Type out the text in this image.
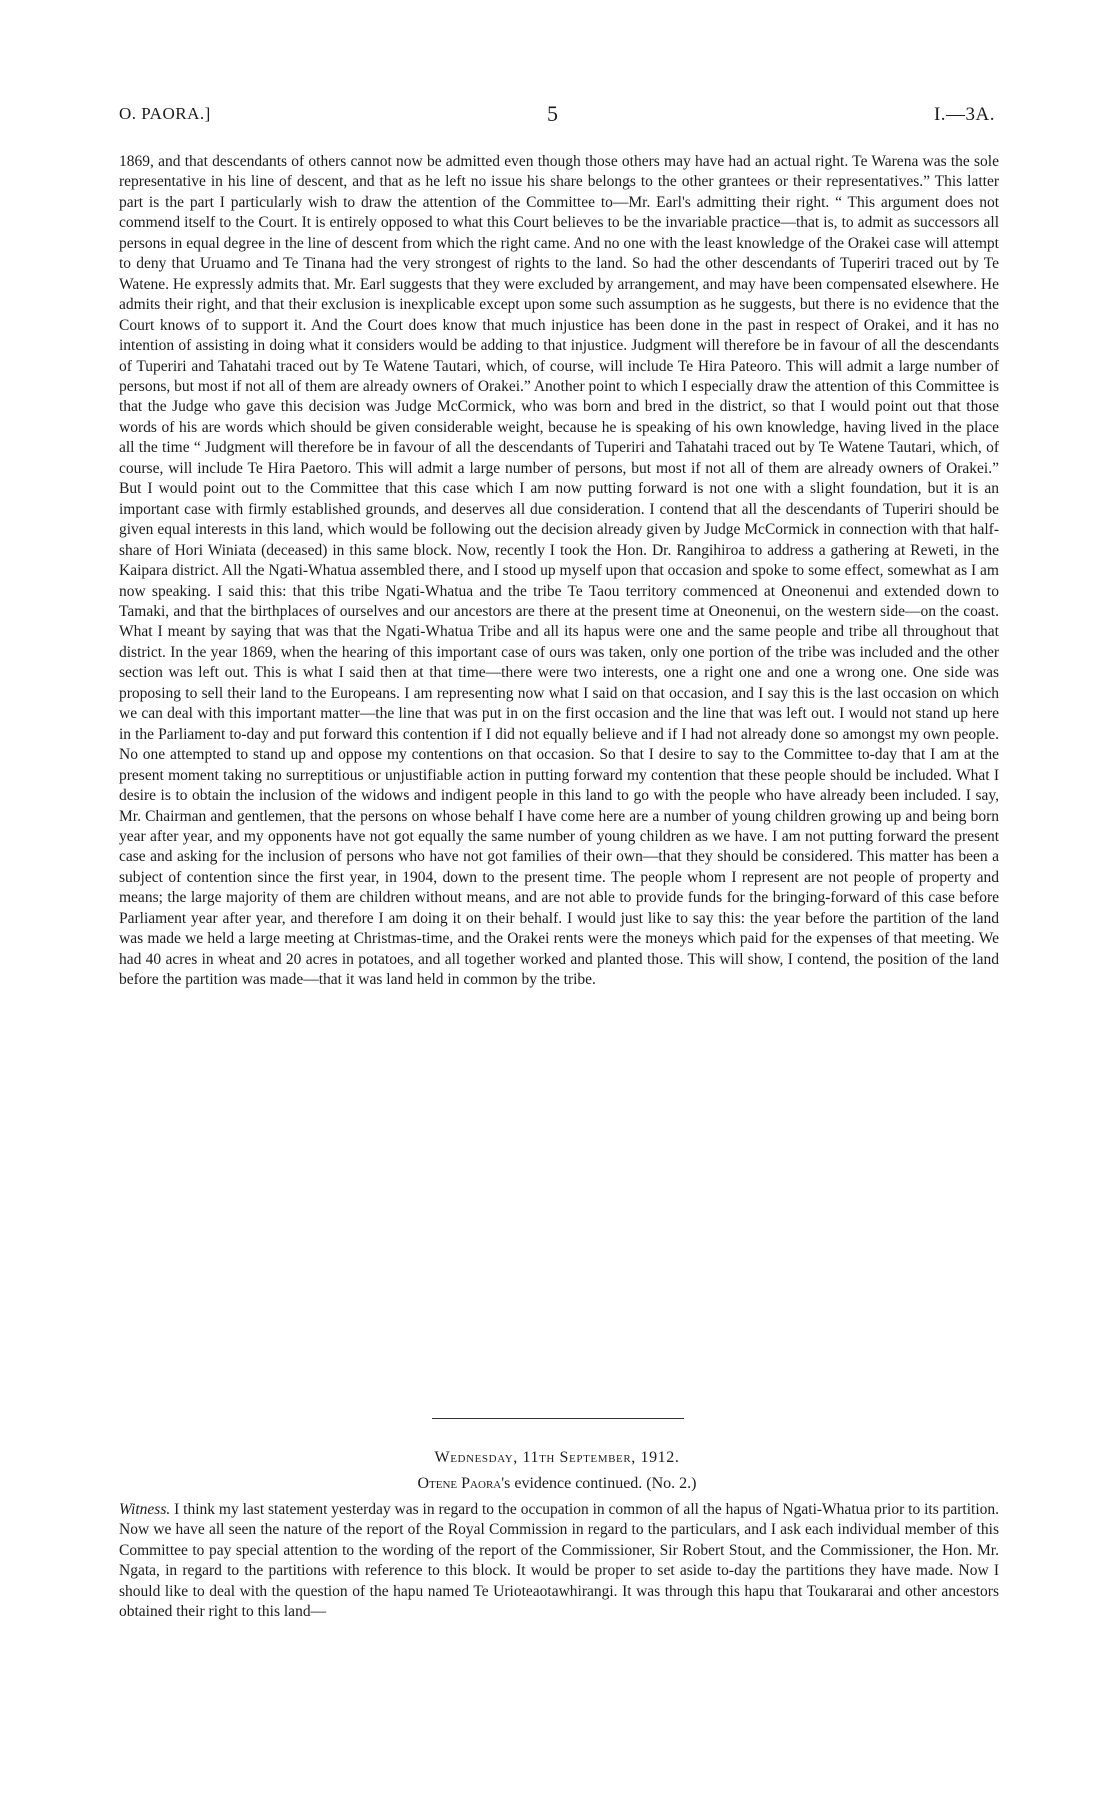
O. PAORA.]	5	I.—3A.

1869, and that descendants of others cannot now be admitted even though those others may have had an actual right. Te Warena was the sole representative in his line of descent, and that as he left no issue his share belongs to the other grantees or their representatives.” This latter part is the part I particularly wish to draw the attention of the Committee to—Mr. Earl's admitting their right. “ This argument does not commend itself to the Court. It is entirely opposed to what this Court believes to be the invariable practice—that is, to admit as successors all persons in equal degree in the line of descent from which the right came. And no one with the least knowledge of the Orakei case will attempt to deny that Uruamo and Te Tinana had the very strongest of rights to the land. So had the other descendants of Tuperiri traced out by Te Watene. He expressly admits that. Mr. Earl suggests that they were excluded by arrangement, and may have been compensated elsewhere. He admits their right, and that their exclusion is inexplicable except upon some such assumption as he suggests, but there is no evidence that the Court knows of to support it. And the Court does know that much injustice has been done in the past in respect of Orakei, and it has no intention of assisting in doing what it considers would be adding to that injustice. Judgment will therefore be in favour of all the descendants of Tuperiri and Tahatahi traced out by Te Watene Tautari, which, of course, will include Te Hira Pateoro. This will admit a large number of persons, but most if not all of them are already owners of Orakei.” Another point to which I especially draw the attention of this Committee is that the Judge who gave this decision was Judge McCormick, who was born and bred in the district, so that I would point out that those words of his are words which should be given considerable weight, because he is speaking of his own knowledge, having lived in the place all the time “ Judgment will therefore be in favour of all the descendants of Tuperiri and Tahatahi traced out by Te Watene Tautari, which, of course, will include Te Hira Paetoro. This will admit a large number of persons, but most if not all of them are already owners of Orakei.” But I would point out to the Committee that this case which I am now putting forward is not one with a slight foundation, but it is an important case with firmly established grounds, and deserves all due consideration. I contend that all the descendants of Tuperiri should be given equal interests in this land, which would be following out the decision already given by Judge McCormick in connection with that half-share of Hori Winiata (deceased) in this same block. Now, recently I took the Hon. Dr. Rangihiroa to address a gathering at Reweti, in the Kaipara district. All the Ngati-Whatua assembled there, and I stood up myself upon that occasion and spoke to some effect, somewhat as I am now speaking. I said this: that this tribe Ngati-Whatua and the tribe Te Taou territory commenced at Oneonenui and extended down to Tamaki, and that the birthplaces of ourselves and our ancestors are there at the present time at Oneonenui, on the western side—on the coast. What I meant by saying that was that the Ngati-Whatua Tribe and all its hapus were one and the same people and tribe all throughout that district. In the year 1869, when the hearing of this important case of ours was taken, only one portion of the tribe was included and the other section was left out. This is what I said then at that time—there were two interests, one a right one and one a wrong one. One side was proposing to sell their land to the Europeans. I am representing now what I said on that occasion, and I say this is the last occasion on which we can deal with this important matter—the line that was put in on the first occasion and the line that was left out. I would not stand up here in the Parliament to-day and put forward this contention if I did not equally believe and if I had not already done so amongst my own people. No one attempted to stand up and oppose my contentions on that occasion. So that I desire to say to the Committee to-day that I am at the present moment taking no surreptitious or unjustifiable action in putting forward my contention that these people should be included. What I desire is to obtain the inclusion of the widows and indigent people in this land to go with the people who have already been included. I say, Mr. Chairman and gentlemen, that the persons on whose behalf I have come here are a number of young children growing up and being born year after year, and my opponents have not got equally the same number of young children as we have. I am not putting forward the present case and asking for the inclusion of persons who have not got families of their own—that they should be considered. This matter has been a subject of contention since the first year, in 1904, down to the present time. The people whom I represent are not people of property and means; the large majority of them are children without means, and are not able to provide funds for the bringing-forward of this case before Parliament year after year, and therefore I am doing it on their behalf. I would just like to say this: the year before the partition of the land was made we held a large meeting at Christmas-time, and the Orakei rents were the moneys which paid for the expenses of that meeting. We had 40 acres in wheat and 20 acres in potatoes, and all together worked and planted those. This will show, I contend, the position of the land before the partition was made—that it was land held in common by the tribe.

Wednesday, 11th September, 1912.

Otene Paora's evidence continued. (No. 2.)

Witness. I think my last statement yesterday was in regard to the occupation in common of all the hapus of Ngati-Whatua prior to its partition. Now we have all seen the nature of the report of the Royal Commission in regard to the particulars, and I ask each individual member of this Committee to pay special attention to the wording of the report of the Commissioner, Sir Robert Stout, and the Commissioner, the Hon. Mr. Ngata, in regard to the partitions with reference to this block. It would be proper to set aside to-day the partitions they have made. Now I should like to deal with the question of the hapu named Te Urioteaotawhirangi. It was through this hapu that Toukararai and other ancestors obtained their right to this land—
